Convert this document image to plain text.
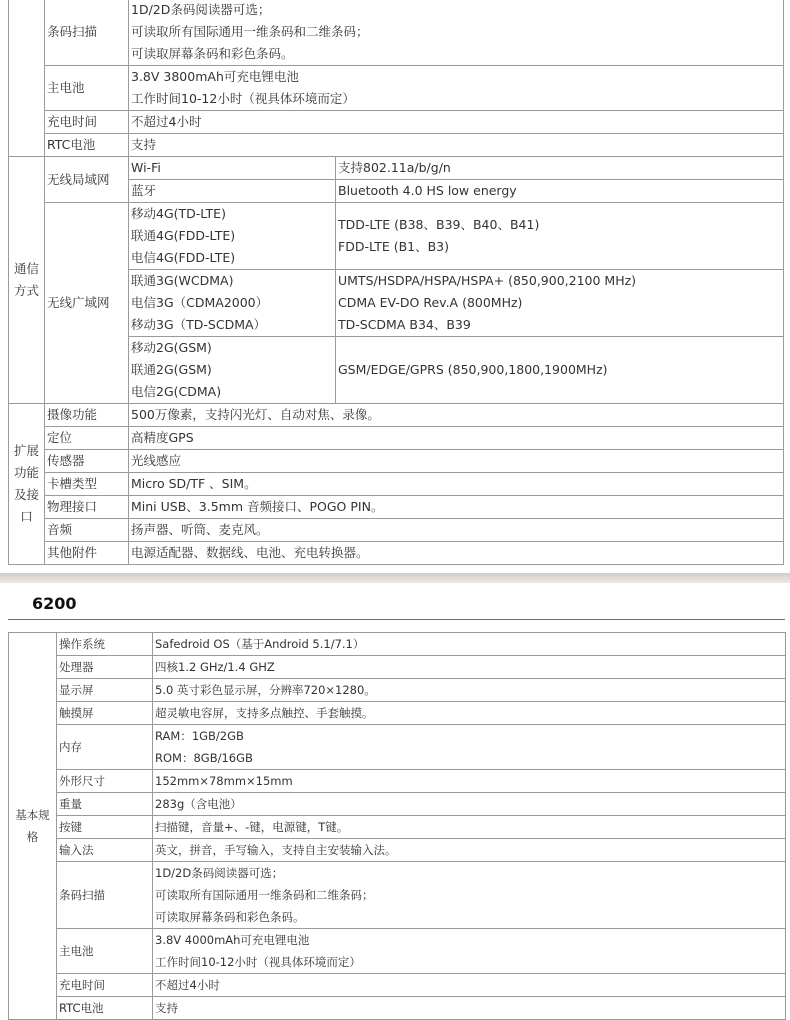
	条码扫描	1D/2D条码阅读器可选；
可读取所有国际通用一维条码和二维条码；
可读取屏幕条码和彩色条码。	

	主电池	3.8V 3800mAh可充电锂电池
工作时间10-12小时（视具体环境而定）	

	充电时间	不超过4小时	
	RTC电池	支持	
通信方式	无线局域网	Wi-Fi	支持802.11a/b/g/n
		蓝牙	Bluetooth 4.0 HS low energy
	无线广域网	移动4G(TD-LTE)
联通4G(FDD-LTE)
电信4G(FDD-LTE)	TDD-LTE (B38、B39、B40、B41)
FDD-LTE (B1、B3)

		联通3G(WCDMA)
电信3G（CDMA2000）
移动3G（TD-SCDMA）	UMTS/HSDPA/HSPA/HSPA+ (850,900,2100 MHz)
CDMA EV-DO Rev.A (800MHz)
TD-SCDMA B34、B39

		移动2G(GSM)
联通2G(GSM)
电信2G(CDMA)	GSM/EDGE/GPRS (850,900,1800,1900MHz)
扩展功能及接口	摄像功能	500万像素，支持闪光灯、自动对焦、录像。	
	定位	高精度GPS	
	传感器	光线感应	
	卡槽类型	Micro SD/TF 、SIM。	
	物理接口	Mini USB、3.5mm 音频接口、POGO PIN。	
	音频	扬声器、听筒、麦克风。	
	其他附件	电源适配器、数据线、电池、充电转换器。	
6200
基本规格	操作系统	Safedroid OS（基于Android 5.1/7.1）
	处理器	四核1.2 GHz/1.4 GHZ
	显示屏	5.0 英寸彩色显示屏，分辨率720×1280。
	触摸屏	超灵敏电容屏，支持多点触控、手套触摸。
	内存	RAM：1GB/2GB
ROM：8GB/16GB

	外形尺寸	152mm×78mm×15mm
	重量	283g（含电池）
	按键	扫描键，音量+、-键，电源键，T键。
	输入法	英文，拼音，手写输入，支持自主安装输入法。
	条码扫描	1D/2D条码阅读器可选；
可读取所有国际通用一维条码和二维条码；
可读取屏幕条码和彩色条码。

	主电池	3.8V 4000mAh可充电锂电池
工作时间10-12小时（视具体环境而定）

	充电时间	不超过4小时
	RTC电池	支持
